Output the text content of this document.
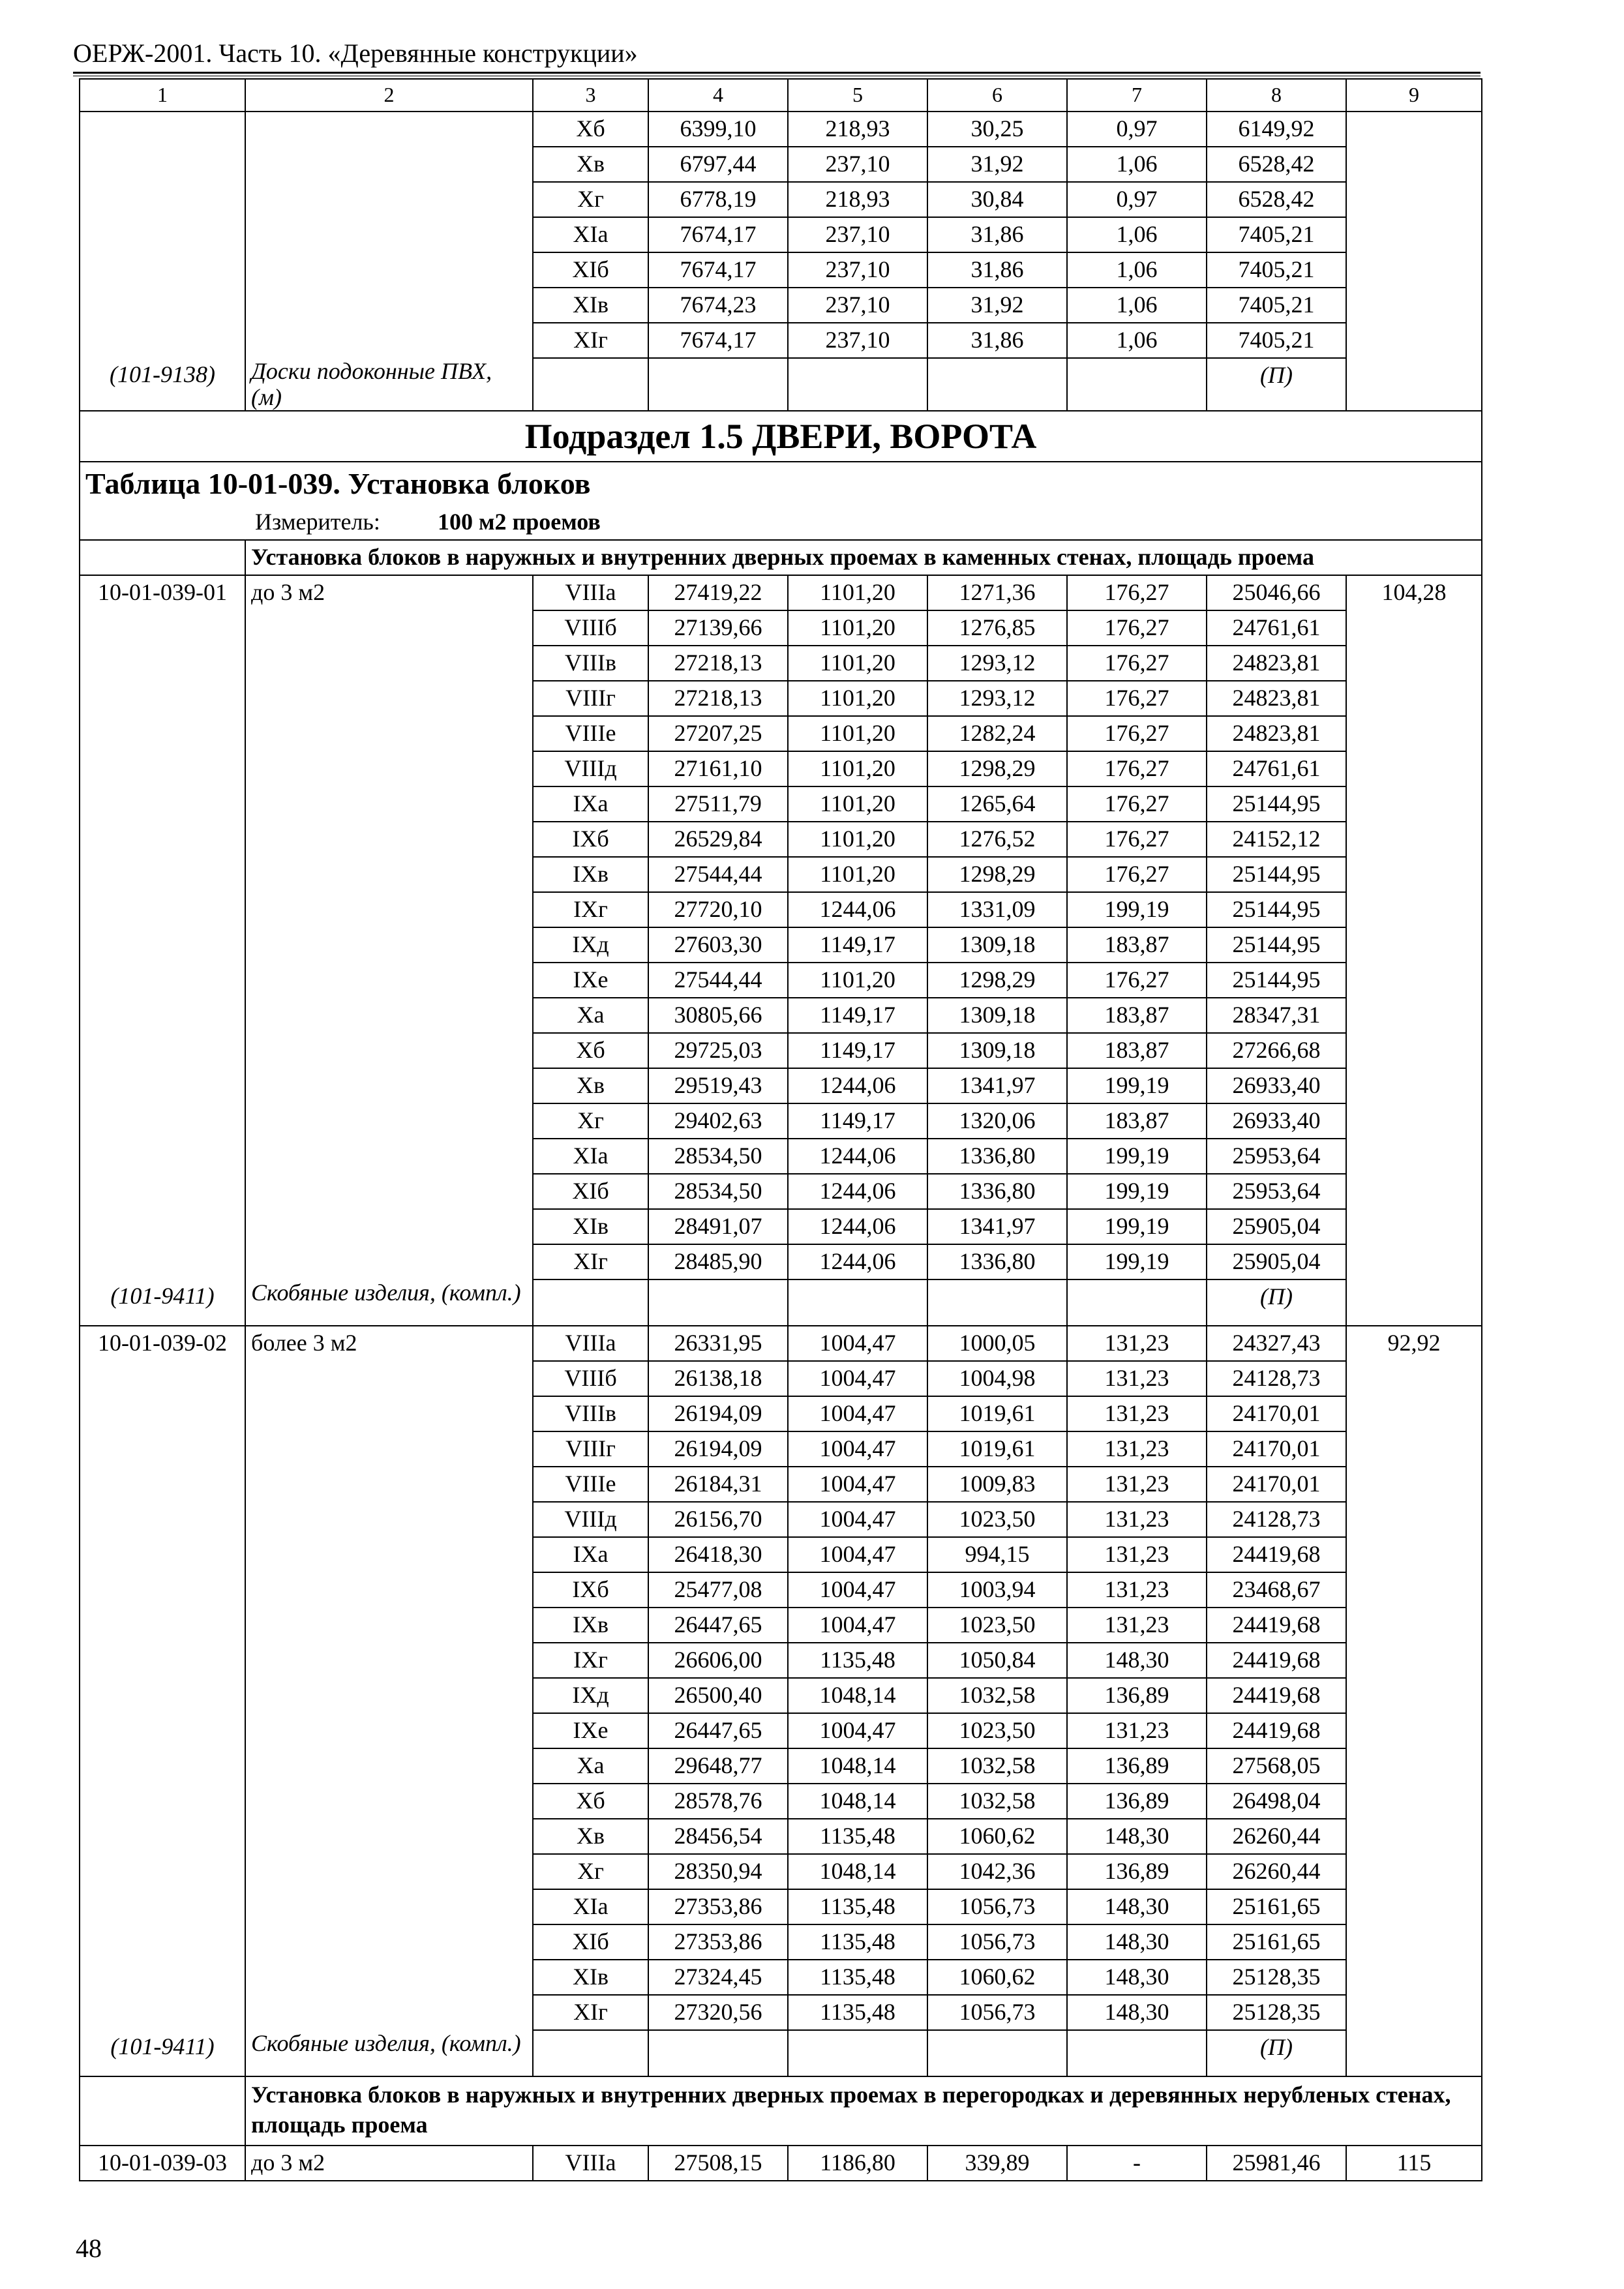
ОЕРЖ-2001. Часть 10. «Деревянные конструкции»
1	2	3	4	5	6	7	8	9
		Хб	6399,10	218,93	30,25	0,97	6149,92	
		Хв	6797,44	237,10	31,92	1,06	6528,42	
		Хг	6778,19	218,93	30,84	0,97	6528,42	
		ХIа	7674,17	237,10	31,86	1,06	7405,21	
		ХIб	7674,17	237,10	31,86	1,06	7405,21	
		ХIв	7674,23	237,10	31,92	1,06	7405,21	
		ХIг	7674,17	237,10	31,86	1,06	7405,21	
(101-9138)	Доски подоконные ПВХ, (м)						(П)	
Подраздел 1.5 ДВЕРИ, ВОРОТА								
Таблица 10-01-039. Установка блоков								
Измеритель: 100 м2 проемов								
	Установка блоков в наружных и внутренних дверных проемах в каменных стенах, площадь проема							
10-01-039-01	до 3 м2	VIIIа	27419,22	1101,20	1271,36	176,27	25046,66	104,28
		VIIIб	27139,66	1101,20	1276,85	176,27	24761,61	
		VIIIв	27218,13	1101,20	1293,12	176,27	24823,81	
		VIIIг	27218,13	1101,20	1293,12	176,27	24823,81	
		VIIIе	27207,25	1101,20	1282,24	176,27	24823,81	
		VIIIд	27161,10	1101,20	1298,29	176,27	24761,61	
		IХа	27511,79	1101,20	1265,64	176,27	25144,95	
		IХб	26529,84	1101,20	1276,52	176,27	24152,12	
		IХв	27544,44	1101,20	1298,29	176,27	25144,95	
		IХг	27720,10	1244,06	1331,09	199,19	25144,95	
		IХд	27603,30	1149,17	1309,18	183,87	25144,95	
		IХе	27544,44	1101,20	1298,29	176,27	25144,95	
		Ха	30805,66	1149,17	1309,18	183,87	28347,31	
		Хб	29725,03	1149,17	1309,18	183,87	27266,68	
		Хв	29519,43	1244,06	1341,97	199,19	26933,40	
		Хг	29402,63	1149,17	1320,06	183,87	26933,40	
		ХIа	28534,50	1244,06	1336,80	199,19	25953,64	
		ХIб	28534,50	1244,06	1336,80	199,19	25953,64	
		ХIв	28491,07	1244,06	1341,97	199,19	25905,04	
		ХIг	28485,90	1244,06	1336,80	199,19	25905,04	
(101-9411)	Скобяные изделия, (компл.)						(П)	
10-01-039-02	более 3 м2	VIIIа	26331,95	1004,47	1000,05	131,23	24327,43	92,92
		VIIIб	26138,18	1004,47	1004,98	131,23	24128,73	
		VIIIв	26194,09	1004,47	1019,61	131,23	24170,01	
		VIIIг	26194,09	1004,47	1019,61	131,23	24170,01	
		VIIIе	26184,31	1004,47	1009,83	131,23	24170,01	
		VIIIд	26156,70	1004,47	1023,50	131,23	24128,73	
		IХа	26418,30	1004,47	994,15	131,23	24419,68	
		IХб	25477,08	1004,47	1003,94	131,23	23468,67	
		IХв	26447,65	1004,47	1023,50	131,23	24419,68	
		IХг	26606,00	1135,48	1050,84	148,30	24419,68	
		IХд	26500,40	1048,14	1032,58	136,89	24419,68	
		IХе	26447,65	1004,47	1023,50	131,23	24419,68	
		Ха	29648,77	1048,14	1032,58	136,89	27568,05	
		Хб	28578,76	1048,14	1032,58	136,89	26498,04	
		Хв	28456,54	1135,48	1060,62	148,30	26260,44	
		Хг	28350,94	1048,14	1042,36	136,89	26260,44	
		ХIа	27353,86	1135,48	1056,73	148,30	25161,65	
		ХIб	27353,86	1135,48	1056,73	148,30	25161,65	
		ХIв	27324,45	1135,48	1060,62	148,30	25128,35	
		ХIг	27320,56	1135,48	1056,73	148,30	25128,35	
(101-9411)	Скобяные изделия, (компл.)						(П)	
	Установка блоков в наружных и внутренних дверных проемах в перегородках и деревянных нерубленых стенах, площадь проема							
10-01-039-03	до 3 м2	VIIIа	27508,15	1186,80	339,89	-	25981,46	115
48
